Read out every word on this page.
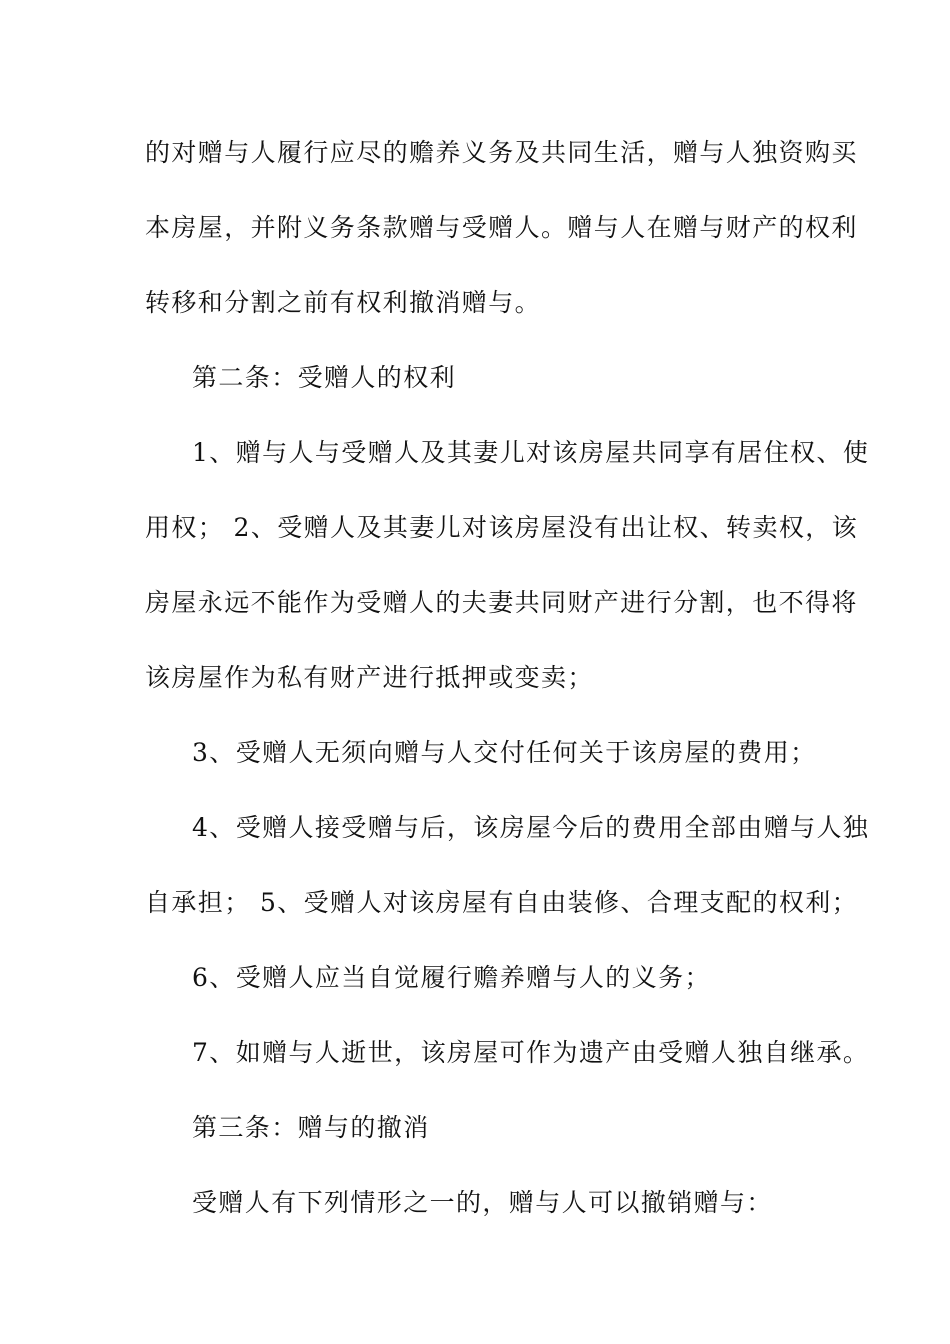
的对赠与人履行应尽的赡养义务及共同生活，赠与人独资购买
本房屋，并附义务条款赠与受赠人。赠与人在赠与财产的权利
转移和分割之前有权利撤消赠与。
第二条：受赠人的权利
1、赠与人与受赠人及其妻儿对该房屋共同享有居住权、使
用权； 2、受赠人及其妻儿对该房屋没有出让权、转卖权，该
房屋永远不能作为受赠人的夫妻共同财产进行分割，也不得将
该房屋作为私有财产进行抵押或变卖；
3、受赠人无须向赠与人交付任何关于该房屋的费用；
4、受赠人接受赠与后，该房屋今后的费用全部由赠与人独
自承担； 5、受赠人对该房屋有自由装修、合理支配的权利；
6、受赠人应当自觉履行赡养赠与人的义务；
7、如赠与人逝世，该房屋可作为遗产由受赠人独自继承。
第三条：赠与的撤消
受赠人有下列情形之一的，赠与人可以撤销赠与：
